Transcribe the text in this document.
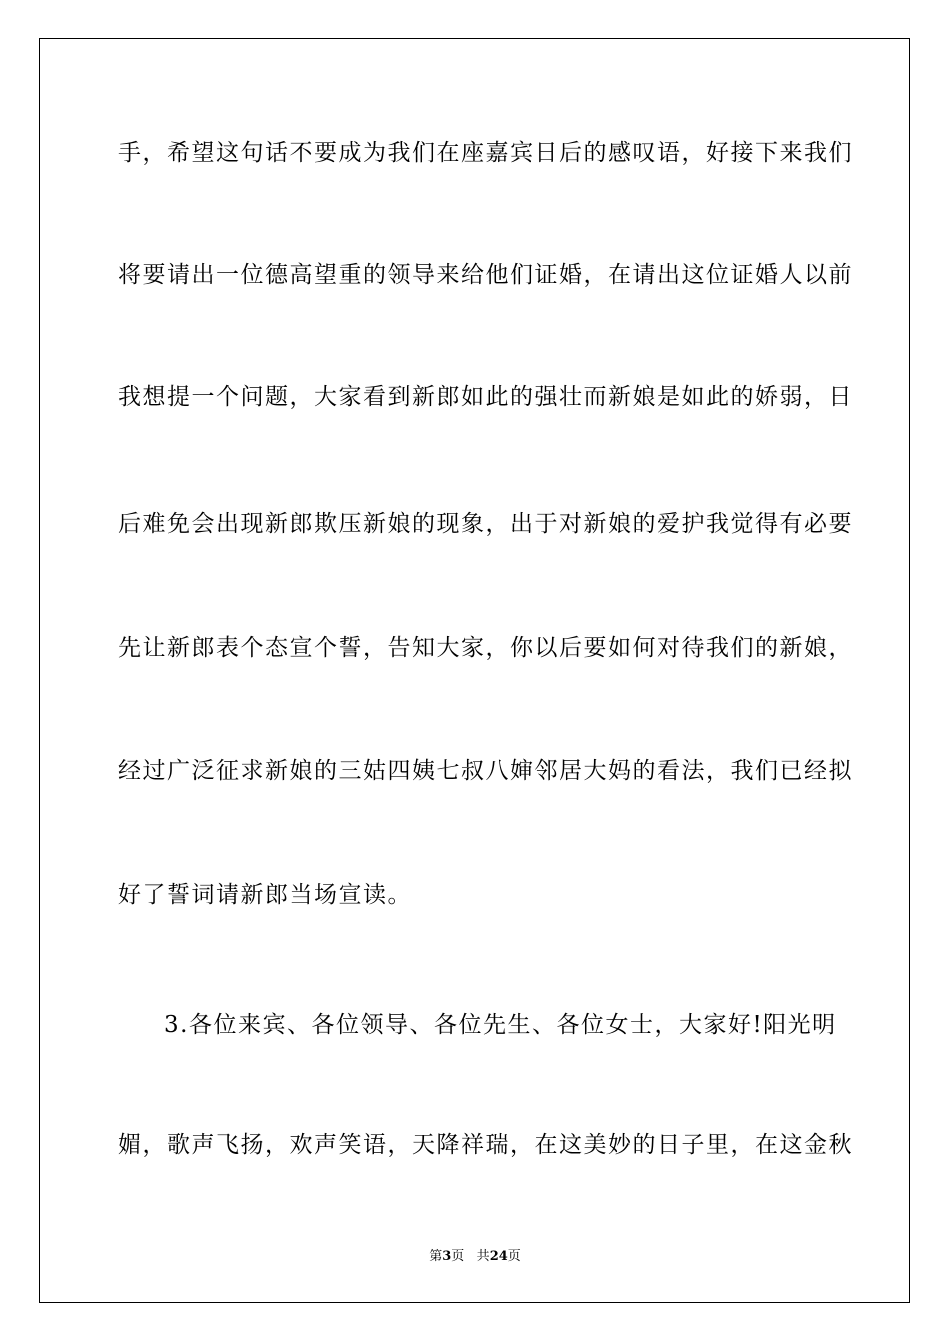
手，希望这句话不要成为我们在座嘉宾日后的感叹语，好接下来我们
将要请出一位德高望重的领导来给他们证婚，在请出这位证婚人以前
我想提一个问题，大家看到新郎如此的强壮而新娘是如此的娇弱，日
后难免会出现新郎欺压新娘的现象，出于对新娘的爱护我觉得有必要
先让新郎表个态宣个誓，告知大家，你以后要如何对待我们的新娘，
经过广泛征求新娘的三姑四姨七叔八婶邻居大妈的看法，我们已经拟
好了誓词请新郎当场宣读。
3.各位来宾、各位领导、各位先生、各位女士，大家好!阳光明
媚，歌声飞扬，欢声笑语，天降祥瑞，在这美妙的日子里，在这金秋
第3页 共24页
